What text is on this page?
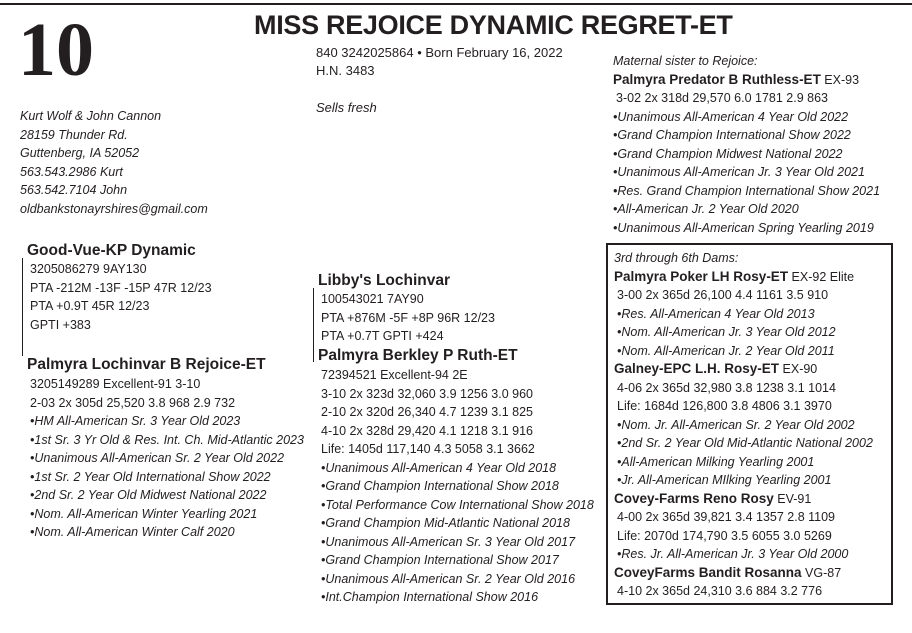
10	MISS REJOICE DYNAMIC REGRET-ET
840 3242025864 • Born February 16, 2022
H.N. 3483
Sells fresh
Kurt Wolf & John Cannon
28159 Thunder Rd.
Guttenberg, IA 52052
563.543.2986 Kurt
563.542.7104 John
oldbankstonayrshires@gmail.com
Good-Vue-KP Dynamic
3205086279 9AY130
PTA -212M -13F -15P 47R 12/23
PTA +0.9T 45R 12/23
GPTI +383
Palmyra Lochinvar B Rejoice-ET
3205149289 Excellent-91 3-10
2-03 2x 305d 25,520 3.8 968 2.9 732
•HM All-American Sr. 3 Year Old 2023
•1st Sr. 3 Yr Old & Res. Int. Ch. Mid-Atlantic 2023
•Unanimous All-American Sr. 2 Year Old 2022
•1st Sr. 2 Year Old International Show 2022
•2nd Sr. 2 Year Old Midwest National 2022
•Nom. All-American Winter Yearling 2021
•Nom. All-American Winter Calf 2020
Libby's Lochinvar
100543021 7AY90
PTA +876M -5F +8P 96R 12/23
PTA +0.7T GPTI +424
Palmyra Berkley P Ruth-ET
72394521 Excellent-94 2E
3-10 2x 323d 32,060 3.9 1256 3.0 960
2-10 2x 320d 26,340 4.7 1239 3.1 825
4-10 2x 328d 29,420 4.1 1218 3.1 916
Life: 1405d 117,140 4.3 5058 3.1 3662
•Unanimous All-American 4 Year Old 2018
•Grand Champion International Show 2018
•Total Performance Cow International Show 2018
•Grand Champion Mid-Atlantic National 2018
•Unanimous All-American Sr. 3 Year Old 2017
•Grand Champion International Show 2017
•Unanimous All-American Sr. 2 Year Old 2016
•Int.Champion International Show 2016
Maternal sister to Rejoice:
Palmyra Predator B Ruthless-ET EX-93
3-02 2x 318d 29,570 6.0 1781 2.9 863
•Unanimous All-American 4 Year Old 2022
•Grand Champion International Show 2022
•Grand Champion Midwest National 2022
•Unanimous All-American Jr. 3 Year Old 2021
•Res. Grand Champion International Show 2021
•All-American Jr. 2 Year Old 2020
•Unanimous All-American Spring Yearling 2019
3rd through 6th Dams:
Palmyra Poker LH Rosy-ET EX-92 Elite
3-00 2x 365d 26,100 4.4 1161 3.5 910
•Res. All-American 4 Year Old 2013
•Nom. All-American Jr. 3 Year Old 2012
•Nom. All-American Jr. 2 Year Old 2011
Galney-EPC L.H. Rosy-ET EX-90
4-06 2x 365d 32,980 3.8 1238 3.1 1014
Life: 1684d 126,800 3.8 4806 3.1 3970
•Nom. Jr. All-American Sr. 2 Year Old 2002
•2nd Sr. 2 Year Old Mid-Atlantic National 2002
•All-American Milking Yearling 2001
•Jr. All-American MIlking Yearling 2001
Covey-Farms Reno Rosy EV-91
4-00 2x 365d 39,821 3.4 1357 2.8 1109
Life: 2070d 174,790 3.5 6055 3.0 5269
•Res. Jr. All-American Jr. 3 Year Old 2000
CoveyFarms Bandit Rosanna VG-87
4-10 2x 365d 24,310 3.6 884 3.2 776
